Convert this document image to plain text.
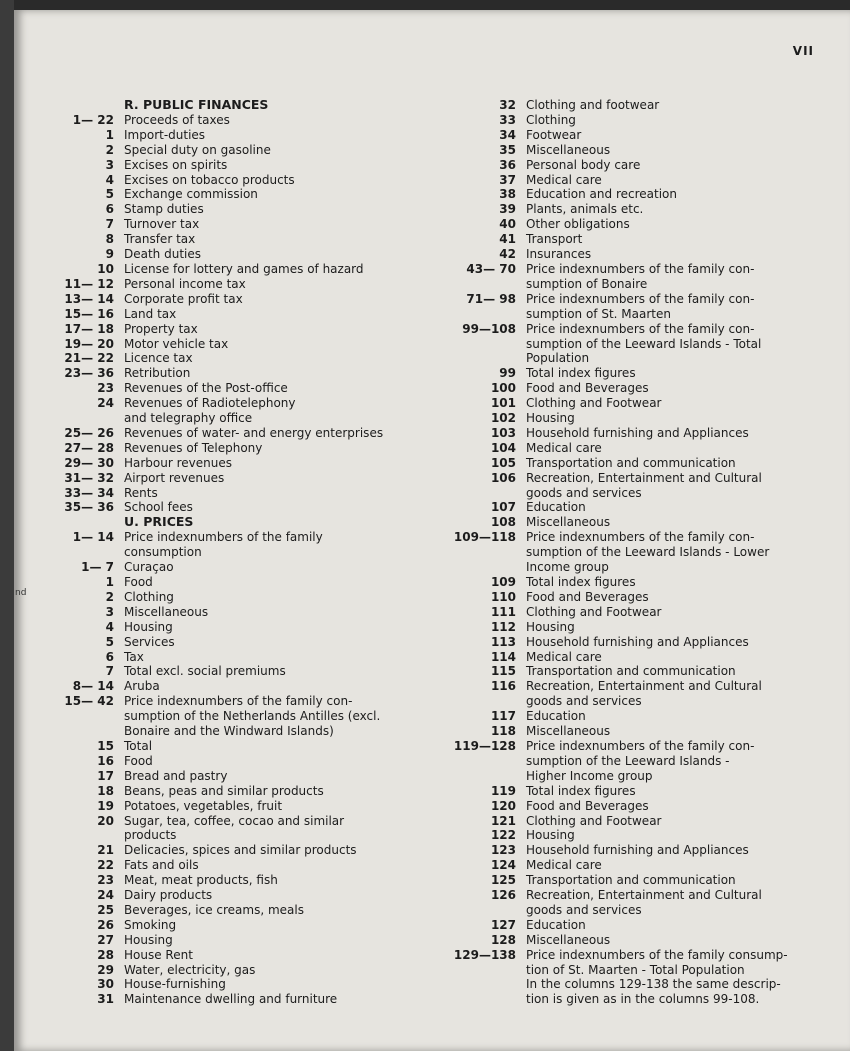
VII
nd
R. PUBLIC FINANCES
1— 22 Proceeds of taxes
1 Import-duties
2 Special duty on gasoline
3 Excises on spirits
4 Excises on tobacco products
5 Exchange commission
6 Stamp duties
7 Turnover tax
8 Transfer tax
9 Death duties
10 License for lottery and games of hazard
11— 12 Personal income tax
13— 14 Corporate profit tax
15— 16 Land tax
17— 18 Property tax
19— 20 Motor vehicle tax
21— 22 Licence tax
23— 36 Retribution
23 Revenues of the Post-office
24 Revenues of Radiotelephony
and telegraphy office
25— 26 Revenues of water- and energy enterprises
27— 28 Revenues of Telephony
29— 30 Harbour revenues
31— 32 Airport revenues
33— 34 Rents
35— 36 School fees
U. PRICES
1— 14 Price indexnumbers of the family
consumption
1— 7 Curaçao
1 Food
2 Clothing
3 Miscellaneous
4 Housing
5 Services
6 Tax
7 Total excl. social premiums
8— 14 Aruba
15— 42 Price indexnumbers of the family con-
sumption of the Netherlands Antilles (excl.
Bonaire and the Windward Islands)
15 Total
16 Food
17 Bread and pastry
18 Beans, peas and similar products
19 Potatoes, vegetables, fruit
20 Sugar, tea, coffee, cocao and similar
products
21 Delicacies, spices and similar products
22 Fats and oils
23 Meat, meat products, fish
24 Dairy products
25 Beverages, ice creams, meals
26 Smoking
27 Housing
28 House Rent
29 Water, electricity, gas
30 House-furnishing
31 Maintenance dwelling and furniture
32 Clothing and footwear
33 Clothing
34 Footwear
35 Miscellaneous
36 Personal body care
37 Medical care
38 Education and recreation
39 Plants, animals etc.
40 Other obligations
41 Transport
42 Insurances
43— 70 Price indexnumbers of the family con-
sumption of Bonaire
71— 98 Price indexnumbers of the family con-
sumption of St. Maarten
99—108 Price indexnumbers of the family con-
sumption of the Leeward Islands - Total
Population
99 Total index figures
100 Food and Beverages
101 Clothing and Footwear
102 Housing
103 Household furnishing and Appliances
104 Medical care
105 Transportation and communication
106 Recreation, Entertainment and Cultural
goods and services
107 Education
108 Miscellaneous
109—118 Price indexnumbers of the family con-
sumption of the Leeward Islands - Lower
Income group
109 Total index figures
110 Food and Beverages
111 Clothing and Footwear
112 Housing
113 Household furnishing and Appliances
114 Medical care
115 Transportation and communication
116 Recreation, Entertainment and Cultural
goods and services
117 Education
118 Miscellaneous
119—128 Price indexnumbers of the family con-
sumption of the Leeward Islands -
Higher Income group
119 Total index figures
120 Food and Beverages
121 Clothing and Footwear
122 Housing
123 Household furnishing and Appliances
124 Medical care
125 Transportation and communication
126 Recreation, Entertainment and Cultural
goods and services
127 Education
128 Miscellaneous
129—138 Price indexnumbers of the family consump-
tion of St. Maarten - Total Population
In the columns 129-138 the same descrip-
tion is given as in the columns 99-108.
